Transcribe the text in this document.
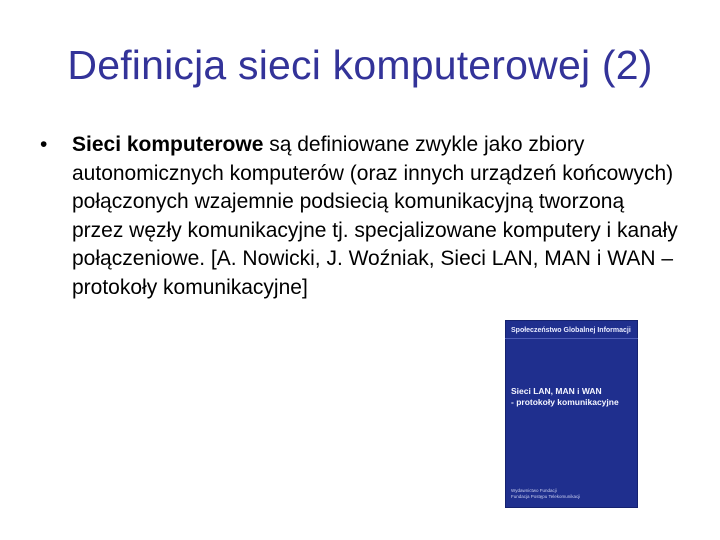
Definicja sieci komputerowej (2)
• Sieci komputerowe są definiowane zwykle jako zbiory autonomicznych komputerów (oraz innych urządzeń końcowych) połączonych wzajemnie podsiecią komunikacyjną tworzoną przez węzły komunikacyjne tj. specjalizowane komputery i kanały połączeniowe. [A. Nowicki, J. Woźniak, Sieci LAN, MAN i WAN – protokoły komunikacyjne]
Społeczeństwo Globalnej Informacji
Sieci LAN, MAN i WAN
- protokoły komunikacyjne
Wydawnictwo Fundacji
Fundacja Postępu Telekomunikacji
